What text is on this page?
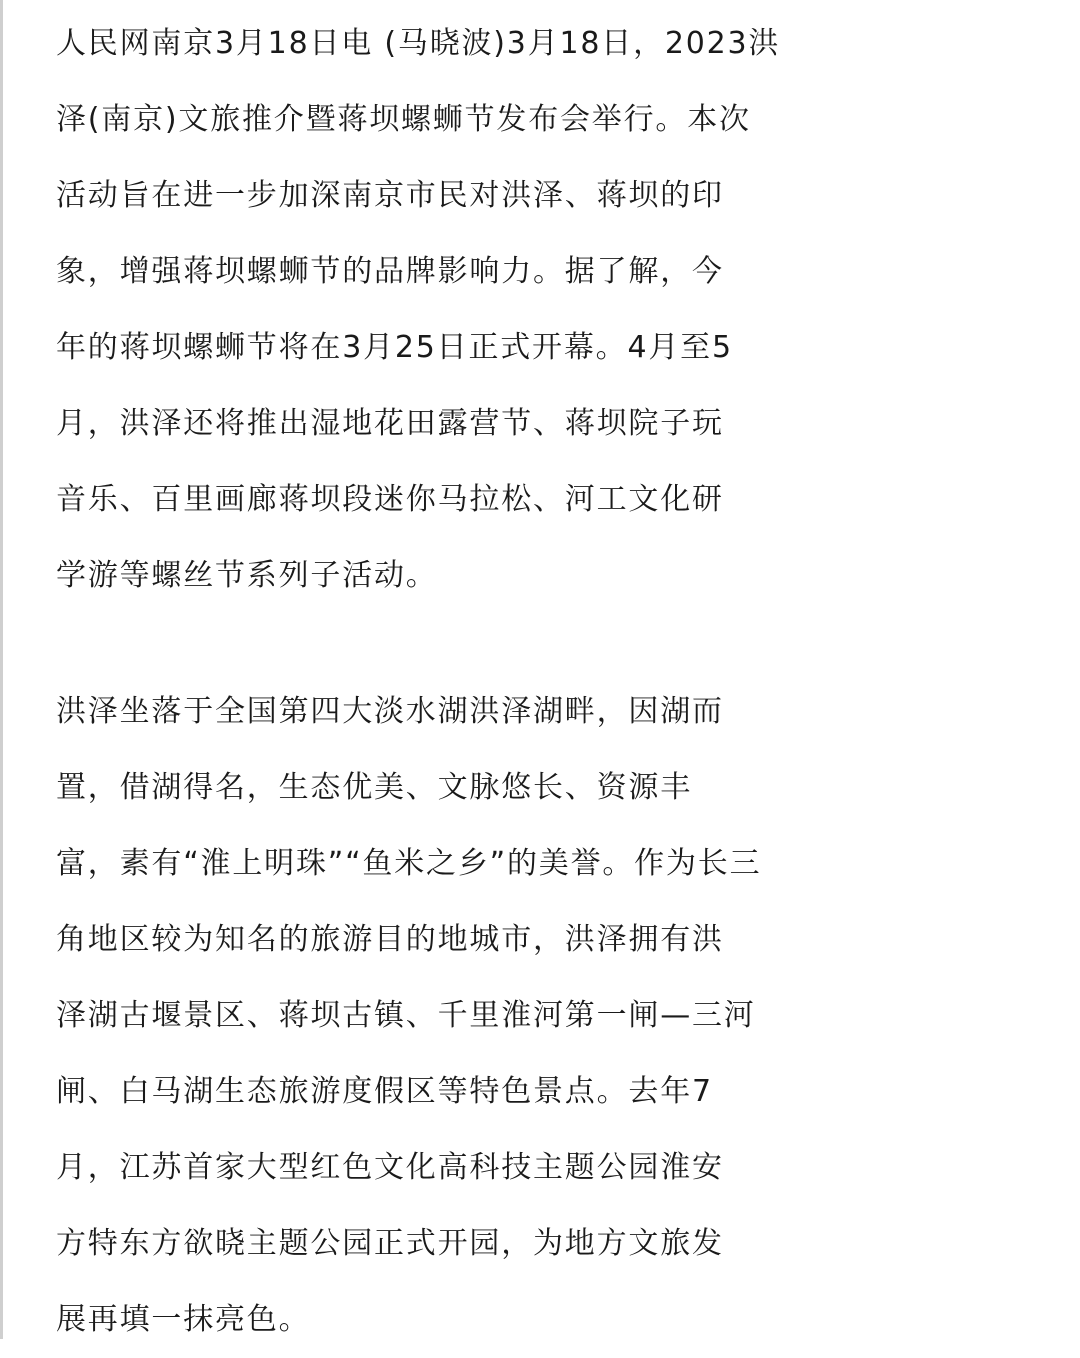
人民网南京3月18日电 (马晓波)3月18日，2023洪
泽(南京)文旅推介暨蒋坝螺蛳节发布会举行。本次
活动旨在进一步加深南京市民对洪泽、蒋坝的印
象，增强蒋坝螺蛳节的品牌影响力。据了解，今
年的蒋坝螺蛳节将在3月25日正式开幕。4月至5
月，洪泽还将推出湿地花田露营节、蒋坝院子玩
音乐、百里画廊蒋坝段迷你马拉松、河工文化研
学游等螺丝节系列子活动。
洪泽坐落于全国第四大淡水湖洪泽湖畔，因湖而
置，借湖得名，生态优美、文脉悠长、资源丰
富，素有“淮上明珠”“鱼米之乡”的美誉。作为长三
角地区较为知名的旅游目的地城市，洪泽拥有洪
泽湖古堰景区、蒋坝古镇、千里淮河第一闸—三河
闸、白马湖生态旅游度假区等特色景点。去年7
月，江苏首家大型红色文化高科技主题公园淮安
方特东方欲晓主题公园正式开园，为地方文旅发
展再填一抹亮色。
